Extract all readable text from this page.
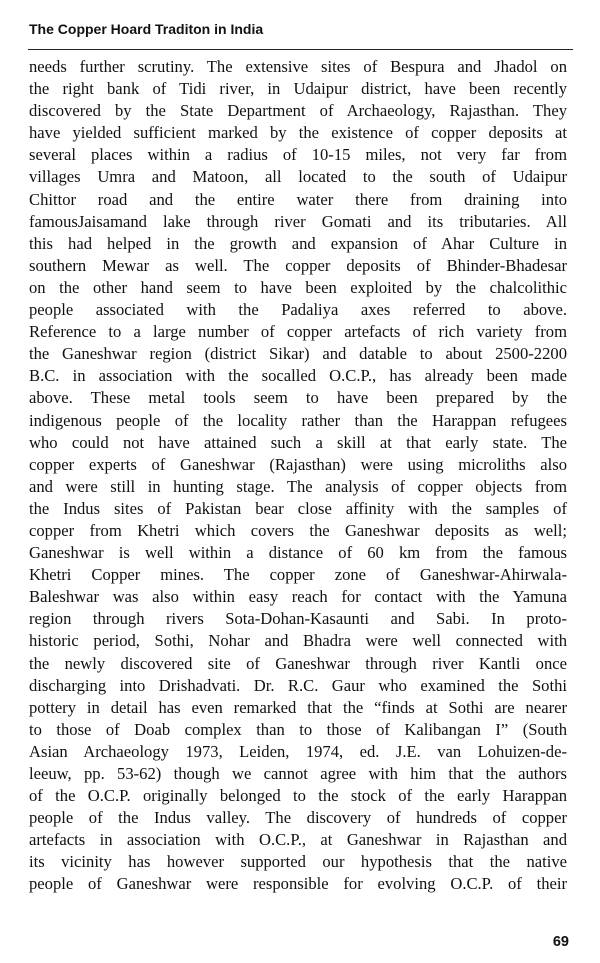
The Copper Hoard Traditon in India
needs further scrutiny. The extensive sites of Bespura and Jhadol on
the right bank of Tidi river, in Udaipur district, have been recently
discovered by the State Department of Archaeology, Rajasthan. They
have yielded sufficient marked by the existence of copper deposits at
several places within a radius of 10-15 miles, not very far from
villages Umra and Matoon, all located to the south of Udaipur
Chittor road and the entire water there from draining into
famousJaisamand lake through river Gomati and its tributaries. All
this had helped in the growth and expansion of Ahar Culture in
southern Mewar as well. The copper deposits of Bhinder-Bhadesar
on the other hand seem to have been exploited by the chalcolithic
people associated with the Padaliya axes referred to above.
Reference to a large number of copper artefacts of rich variety from
the Ganeshwar region (district Sikar) and datable to about 2500-2200
B.C. in association with the socalled O.C.P., has already been made
above. These metal tools seem to have been prepared by the
indigenous people of the locality rather than the Harappan refugees
who could not have attained such a skill at that early state. The
copper experts of Ganeshwar (Rajasthan) were using microliths also
and were still in hunting stage. The analysis of copper objects from
the Indus sites of Pakistan bear close affinity with the samples of
copper from Khetri which covers the Ganeshwar deposits as well;
Ganeshwar is well within a distance of 60 km from the famous
Khetri Copper mines. The copper zone of Ganeshwar-Ahirwala-
Baleshwar was also within easy reach for contact with the Yamuna
region through rivers Sota-Dohan-Kasaunti and Sabi. In proto-
historic period, Sothi, Nohar and Bhadra were well connected with
the newly discovered site of Ganeshwar through river Kantli once
discharging into Drishadvati. Dr. R.C. Gaur who examined the Sothi
pottery in detail has even remarked that the “finds at Sothi are nearer
to those of Doab complex than to those of Kalibangan I” (South
Asian Archaeology 1973, Leiden, 1974, ed. J.E. van Lohuizen-de-
leeuw, pp. 53-62) though we cannot agree with him that the authors
of the O.C.P. originally belonged to the stock of the early Harappan
people of the Indus valley. The discovery of hundreds of copper
artefacts in association with O.C.P., at Ganeshwar in Rajasthan and
its vicinity has however supported our hypothesis that the native
people of Ganeshwar were responsible for evolving O.C.P. of their
69
